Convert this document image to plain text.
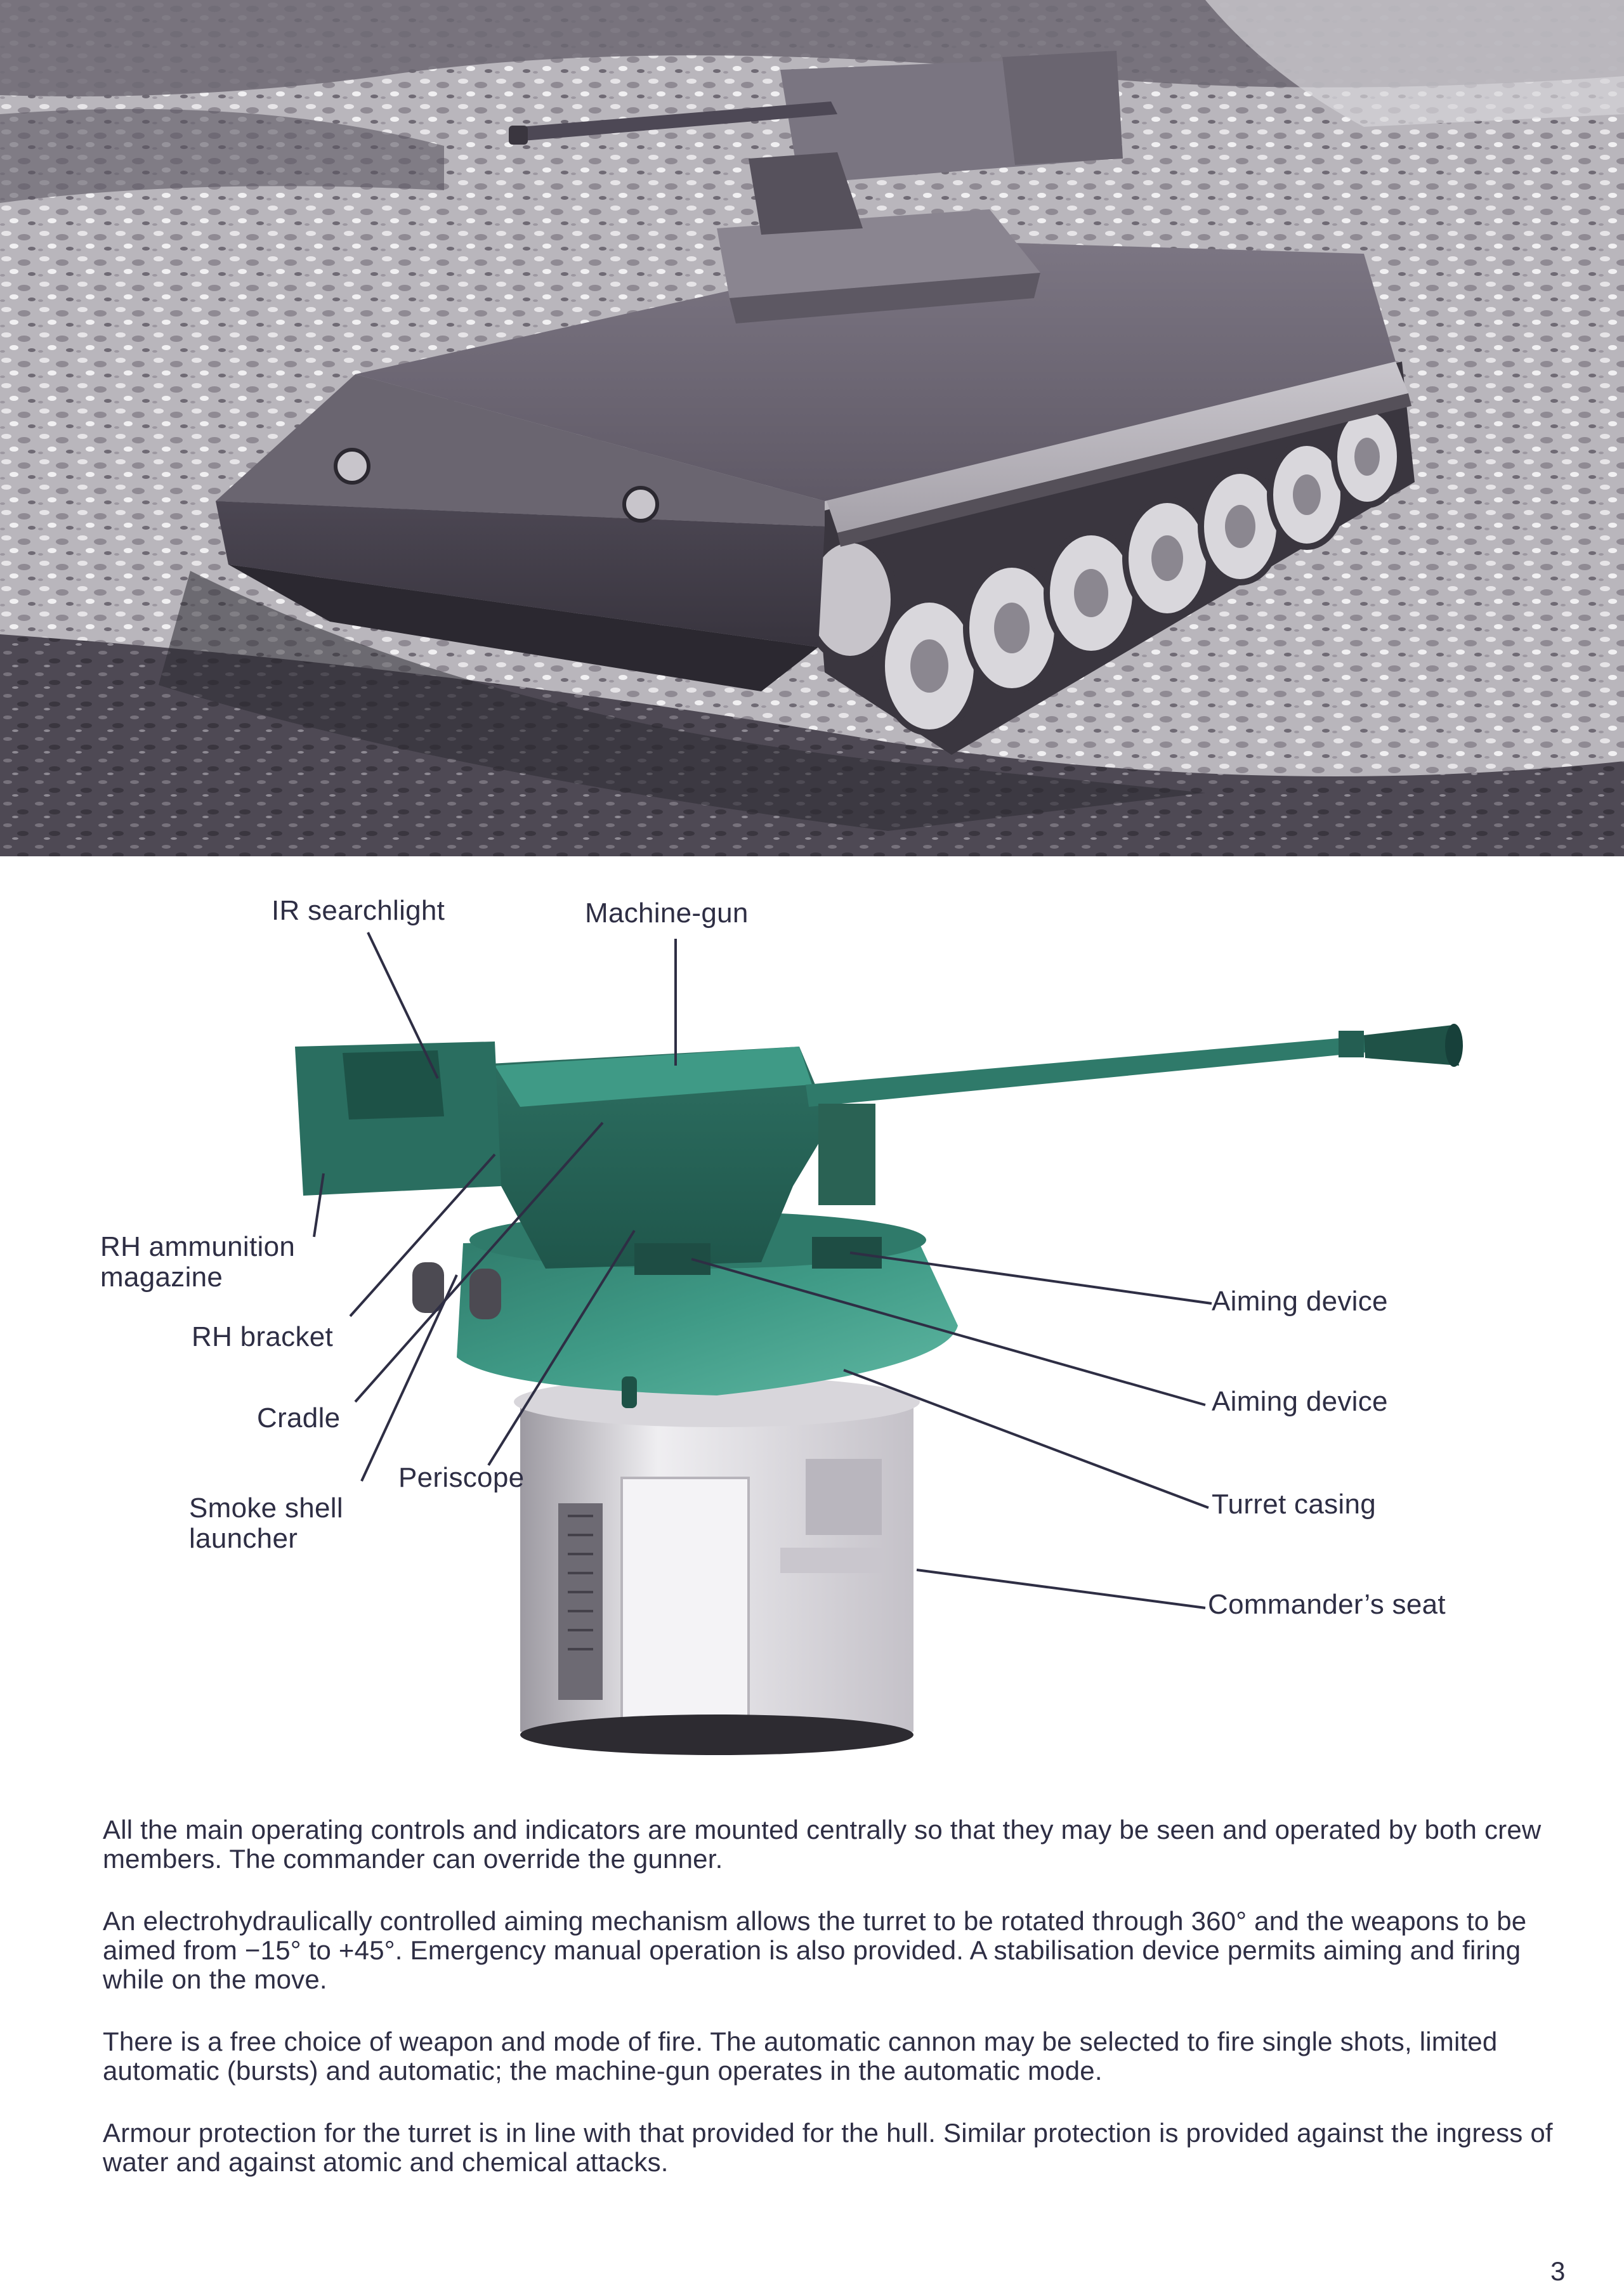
IR searchlight	Machine-gun
RH ammunition
magazine
RH bracket
Cradle
Smoke shell
launcher
Periscope
Aiming device
Aiming device
Turret casing
Commander’s seat

All the main operating controls and indicators are mounted centrally so that they may be seen and operated by both crew members. The commander can override the gunner.

An electrohydraulically controlled aiming mechanism allows the turret to be rotated through 360° and the weapons to be aimed from −15° to +45°. Emergency manual operation is also provided. A stabilisation device permits aiming and firing while on the move.

There is a free choice of weapon and mode of fire. The automatic cannon may be selected to fire single shots, limited automatic (bursts) and automatic; the machine-gun operates in the automatic mode.

Armour protection for the turret is in line with that provided for the hull. Similar protection is provided against the ingress of water and against atomic and chemical attacks.

3
